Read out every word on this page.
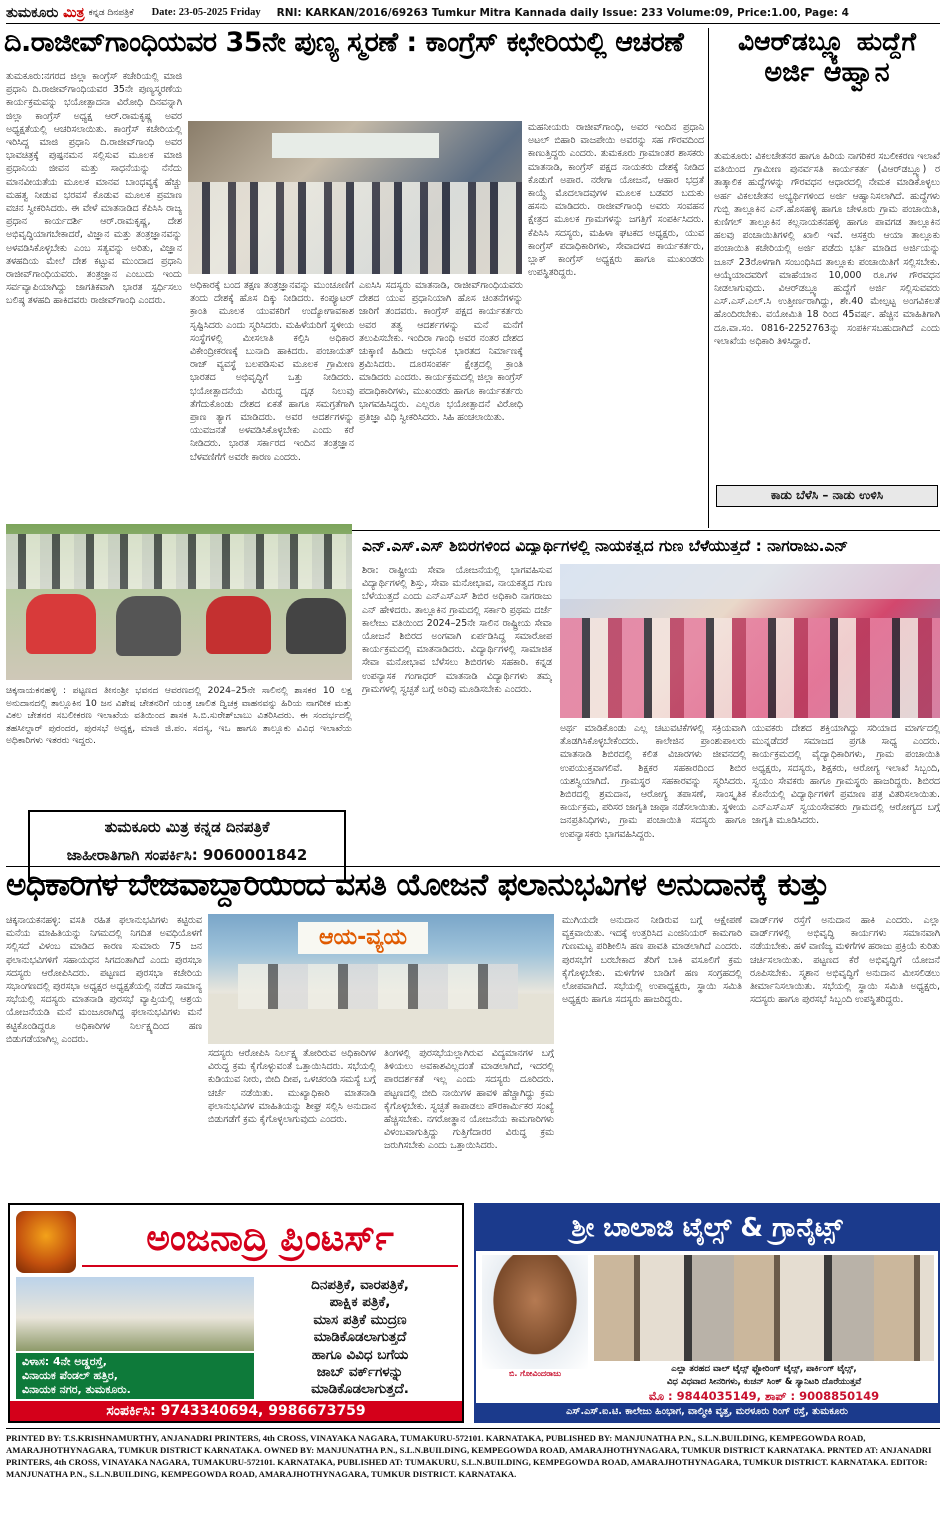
ತುಮಕೂರು ಮಿತ್ರ ಕನ್ನಡ ದಿನಪತ್ರಿಕೆ Date: 23-05-2025 Friday RNI: KARKAN/2016/69263 Tumkur Mitra Kannada daily Issue: 233 Volume:09, Price:1.00, Page: 4
ದಿ.ರಾಜೀವ್‌ಗಾಂಧಿಯವರ 35ನೇ ಪುಣ್ಯ ಸ್ಮರಣೆ : ಕಾಂಗ್ರೆಸ್ ಕಛೇರಿಯಲ್ಲಿ ಆಚರಣೆ	ವಿಆರ್‌ಡಬ್ಲ್ಯೂ ಹುದ್ದೆಗೆ
ಅರ್ಜಿ ಆಹ್ವಾನ
ತುಮಕೂರು:ನಗರದ ಜಿಲ್ಲಾ ಕಾಂಗ್ರೆಸ್ ಕಚೇರಿಯಲ್ಲಿ ಮಾಜಿ ಪ್ರಧಾನಿ ದಿ.ರಾಜೀವ್‌ಗಾಂಧಿಯವರ 35ನೇ ಪುಣ್ಯಸ್ಮರಣೆಯ ಕಾರ್ಯಕ್ರಮವನ್ನು ಭಯೋತ್ಪಾದನಾ ವಿರೋಧಿ ದಿನವನ್ನಾಗಿ ಜಿಲ್ಲಾ ಕಾಂಗ್ರೆಸ್ ಅಧ್ಯಕ್ಷ ಆರ್.ರಾಮಕೃಷ್ಣ ಅವರ ಅಧ್ಯಕ್ಷತೆಯಲ್ಲಿ ಆಚರಿಸಲಾಯಿತು. ಕಾಂಗ್ರೆಸ್ ಕಚೇರಿಯಲ್ಲಿ ಇರಿಸಿದ್ದ ಮಾಜಿ ಪ್ರಧಾನಿ ದಿ.ರಾಜೀವ್‌ಗಾಂಧಿ ಅವರ ಭಾವಚಿತ್ರಕ್ಕೆ ಪುಷ್ಪನಮನ ಸಲ್ಲಿಸುವ ಮೂಲಕ ಮಾಜಿ ಪ್ರಧಾನಿಯ ಜೀವನ ಮತ್ತು ಸಾಧನೆಯನ್ನು ನೆನೆದು ಮಾನವೀಯತೆಯ ಮೂಲಕ ಮಾನವ ಬಾಂಧವ್ಯಕ್ಕೆ ಹೆಚ್ಚು ಮಹತ್ವ ನೀಡುವ ಭರವಸೆ ಕೊಡುವ ಮೂಲಕ ಪ್ರಮಾಣ ವಚನ ಸ್ವೀಕರಿಸಿದರು. ಈ ವೇಳೆ ಮಾತನಾಡಿದ ಕೆಪಿಸಿಸಿ ರಾಜ್ಯ ಪ್ರಧಾನ ಕಾರ್ಯದರ್ಶಿ ಆರ್.ರಾಮಕೃಷ್ಣ, ದೇಶ ಅಭಿವೃದ್ಧಿಯಾಗಬೇಕಾದರೆ, ವಿಜ್ಞಾನ ಮತ್ತು ತಂತ್ರಜ್ಞಾನವನ್ನು ಅಳವಡಿಸಿಕೊಳ್ಳಬೇಕು ಎಂಬ ಸತ್ಯವನ್ನು ಅರಿತು, ವಿಜ್ಞಾನ ತಳಹದಿಯ ಮೇಲೆ ದೇಶ ಕಟ್ಟುವ ಮುಂದಾದ ಪ್ರಧಾನಿ ರಾಜೀವ್‌ಗಾಂಧಿಯವರು. ತಂತ್ರಜ್ಞಾನ ಎಂಬುದು ಇಂದು ಸರ್ವವ್ಯಾಪಿಯಾಗಿದ್ದು ಜಾಗತಿಕವಾಗಿ ಭಾರತ ಸ್ಪರ್ಧಿಸಲು ಬಲಿಷ್ಠ ತಳಹದಿ ಹಾಕಿದವರು ರಾಜೀವ್‌ಗಾಂಧಿ ಎಂದರು.
ಅಧಿಕಾರಕ್ಕೆ ಬಂದ ತಕ್ಷಣ ತಂತ್ರಜ್ಞಾನವನ್ನು ಮುಂಚೂಣಿಗೆ ತಂದು ದೇಶಕ್ಕೆ ಹೊಸ ದಿಕ್ಕು ನೀಡಿದರು. ಕಂಪ್ಯೂಟರ್ ಕ್ರಾಂತಿ ಮೂಲಕ ಯುವಕರಿಗೆ ಉದ್ಯೋಗಾವಕಾಶ ಸೃಷ್ಟಿಸಿದರು ಎಂದು ಸ್ಮರಿಸಿದರು. ಮಹಿಳೆಯರಿಗೆ ಸ್ಥಳೀಯ ಸಂಸ್ಥೆಗಳಲ್ಲಿ ಮೀಸಲಾತಿ ಕಲ್ಪಿಸಿ ಅಧಿಕಾರ ವಿಕೇಂದ್ರೀಕರಣಕ್ಕೆ ಬುನಾದಿ ಹಾಕಿದರು. ಪಂಚಾಯತ್ ರಾಜ್ ವ್ಯವಸ್ಥೆ ಬಲಪಡಿಸುವ ಮೂಲಕ ಗ್ರಾಮೀಣ ಭಾರತದ ಅಭಿವೃದ್ಧಿಗೆ ಒತ್ತು ನೀಡಿದರು. ಭಯೋತ್ಪಾದನೆಯ ವಿರುದ್ಧ ದೃಢ ನಿಲುವು ತೆಗೆದುಕೊಂಡು ದೇಶದ ಏಕತೆ ಹಾಗೂ ಸಮಗ್ರತೆಗಾಗಿ ಪ್ರಾಣ ತ್ಯಾಗ ಮಾಡಿದರು. ಅವರ ಆದರ್ಶಗಳನ್ನು ಯುವಜನತೆ ಅಳವಡಿಸಿಕೊಳ್ಳಬೇಕು ಎಂದು ಕರೆ ನೀಡಿದರು. ಭಾರತ ಸರ್ಕಾರದ ಇಂದಿನ ತಂತ್ರಜ್ಞಾನ ಬೆಳವಣಿಗೆಗೆ ಅವರೇ ಕಾರಣ ಎಂದರು.
ಎಐಸಿಸಿ ಸದಸ್ಯರು ಮಾತನಾಡಿ, ರಾಜೀವ್‌ಗಾಂಧಿಯವರು ದೇಶದ ಯುವ ಪ್ರಧಾನಿಯಾಗಿ ಹೊಸ ಚಿಂತನೆಗಳನ್ನು ಜಾರಿಗೆ ತಂದವರು. ಕಾಂಗ್ರೆಸ್ ಪಕ್ಷದ ಕಾರ್ಯಕರ್ತರು ಅವರ ತತ್ವ ಆದರ್ಶಗಳನ್ನು ಮನೆ ಮನೆಗೆ ತಲುಪಿಸಬೇಕು. ಇಂದಿರಾ ಗಾಂಧಿ ಅವರ ನಂತರ ದೇಶದ ಚುಕ್ಕಾಣಿ ಹಿಡಿದು ಆಧುನಿಕ ಭಾರತದ ನಿರ್ಮಾಣಕ್ಕೆ ಶ್ರಮಿಸಿದರು. ದೂರಸಂಪರ್ಕ ಕ್ಷೇತ್ರದಲ್ಲಿ ಕ್ರಾಂತಿ ಮಾಡಿದರು ಎಂದರು. ಕಾರ್ಯಕ್ರಮದಲ್ಲಿ ಜಿಲ್ಲಾ ಕಾಂಗ್ರೆಸ್ ಪದಾಧಿಕಾರಿಗಳು, ಮುಖಂಡರು ಹಾಗೂ ಕಾರ್ಯಕರ್ತರು ಭಾಗವಹಿಸಿದ್ದರು. ಎಲ್ಲರೂ ಭಯೋತ್ಪಾದನೆ ವಿರೋಧಿ ಪ್ರತಿಜ್ಞಾ ವಿಧಿ ಸ್ವೀಕರಿಸಿದರು. ಸಿಹಿ ಹಂಚಲಾಯಿತು.
ಮಹನೀಯರು ರಾಜೀವ್‌ಗಾಂಧಿ, ಅವರ ಇಂದಿನ ಪ್ರಧಾನಿ ಅಟಲ್ ಬಿಹಾರಿ ವಾಜಪೇಯಿ ಅವರನ್ನು ಸಹ ಗೌರವದಿಂದ ಕಾಣುತ್ತಿದ್ದರು ಎಂದರು. ತುಮಕೂರು ಗ್ರಾಮಾಂತರ ಶಾಸಕರು ಮಾತನಾಡಿ, ಕಾಂಗ್ರೆಸ್ ಪಕ್ಷದ ನಾಯಕರು ದೇಶಕ್ಕೆ ನೀಡಿದ ಕೊಡುಗೆ ಅಪಾರ. ನರೇಗಾ ಯೋಜನೆ, ಆಹಾರ ಭದ್ರತೆ ಕಾಯ್ದೆ ಮೊದಲಾದವುಗಳ ಮೂಲಕ ಬಡವರ ಬದುಕು ಹಸನು ಮಾಡಿದರು. ರಾಜೀವ್‌ಗಾಂಧಿ ಅವರು ಸಂವಹನ ಕ್ಷೇತ್ರದ ಮೂಲಕ ಗ್ರಾಮಗಳನ್ನು ಜಗತ್ತಿಗೆ ಸಂಪರ್ಕಿಸಿದರು. ಕೆಪಿಸಿಸಿ ಸದಸ್ಯರು, ಮಹಿಳಾ ಘಟಕದ ಅಧ್ಯಕ್ಷರು, ಯುವ ಕಾಂಗ್ರೆಸ್ ಪದಾಧಿಕಾರಿಗಳು, ಸೇವಾದಳದ ಕಾರ್ಯಕರ್ತರು, ಬ್ಲಾಕ್ ಕಾಂಗ್ರೆಸ್ ಅಧ್ಯಕ್ಷರು ಹಾಗೂ ಮುಖಂಡರು ಉಪಸ್ಥಿತರಿದ್ದರು.
ತುಮಕೂರು: ವಿಕಲಚೇತನರ ಹಾಗೂ ಹಿರಿಯ ನಾಗರಿಕರ ಸಬಲೀಕರಣ ಇಲಾಖೆ ವತಿಯಿಂದ ಗ್ರಾಮೀಣ ಪುನರ್ವಸತಿ ಕಾರ್ಯಕರ್ತ (ವಿಆರ್‌ಡಬ್ಲ್ಯೂ) ರ ತಾತ್ಕಾಲಿಕ ಹುದ್ದೆಗಳನ್ನು ಗೌರವಧನ ಆಧಾರದಲ್ಲಿ ನೇಮಕ ಮಾಡಿಕೊಳ್ಳಲು ಅರ್ಹ ವಿಕಲಚೇತನ ಅಭ್ಯರ್ಥಿಗಳಿಂದ ಅರ್ಜಿ ಆಹ್ವಾನಿಸಲಾಗಿದೆ. ಹುದ್ದೆಗಳು ಗುಬ್ಬಿ ತಾಲ್ಲೂಕಿನ ಎನ್.ಹೊಸಹಳ್ಳಿ ಹಾಗೂ ಚೇಳೂರು ಗ್ರಾಮ ಪಂಚಾಯಿತಿ, ಕುಣಿಗಲ್ ತಾಲ್ಲೂಕಿನ ಕಲ್ಲನಾಯಕನಹಳ್ಳಿ ಹಾಗೂ ಪಾವಗಡ ತಾಲ್ಲೂಕಿನ ಹಲವು ಪಂಚಾಯಿತಿಗಳಲ್ಲಿ ಖಾಲಿ ಇವೆ. ಆಸಕ್ತರು ಆಯಾ ತಾಲ್ಲೂಕು ಪಂಚಾಯಿತಿ ಕಚೇರಿಯಲ್ಲಿ ಅರ್ಜಿ ಪಡೆದು ಭರ್ತಿ ಮಾಡಿದ ಅರ್ಜಿಯನ್ನು ಜೂನ್ 23ರೊಳಗಾಗಿ ಸಂಬಂಧಿಸಿದ ತಾಲ್ಲೂಕು ಪಂಚಾಯಿತಿಗೆ ಸಲ್ಲಿಸಬೇಕು. ಆಯ್ಕೆಯಾದವರಿಗೆ ಮಾಹೆಯಾನ 10,000 ರೂ.ಗಳ ಗೌರವಧನ ನೀಡಲಾಗುವುದು. ವಿಆರ್‌ಡಬ್ಲ್ಯೂ ಹುದ್ದೆಗೆ ಅರ್ಜಿ ಸಲ್ಲಿಸುವವರು ಎಸ್.ಎಸ್.ಎಲ್.ಸಿ ಉತ್ತೀರ್ಣರಾಗಿದ್ದು, ಶೇ.40 ಮೇಲ್ಪಟ್ಟ ಅಂಗವಿಕಲತೆ ಹೊಂದಿರಬೇಕು. ವಯೋಮಿತಿ 18 ರಿಂದ 45ವರ್ಷ. ಹೆಚ್ಚಿನ ಮಾಹಿತಿಗಾಗಿ ದೂ.ವಾ.ಸಂ. 0816-2252763ನ್ನು ಸಂಪರ್ಕಿಸಬಹುದಾಗಿದೆ ಎಂದು ಇಲಾಖೆಯ ಅಧಿಕಾರಿ ತಿಳಿಸಿದ್ದಾರೆ.
ಕಾಡು ಬೆಳೆಸಿ – ನಾಡು ಉಳಿಸಿ
ಚಿಕ್ಕನಾಯಕನಹಳ್ಳಿ : ಪಟ್ಟಣದ ತೀನಂಶ್ರೀ ಭವನದ ಆವರಣದಲ್ಲಿ 2024–25ನೇ ಸಾಲಿನಲ್ಲಿ ಶಾಸಕರ 10 ಲಕ್ಷ ಅನುದಾನದಲ್ಲಿ ತಾಲ್ಲೂಕಿನ 10 ಜನ ವಿಶೇಷ ಚೇತನರಿಗೆ ಯಂತ್ರ ಚಾಲಿತ ದ್ವಿಚಕ್ರ ವಾಹನವನ್ನು ಹಿರಿಯ ನಾಗರೀಕ ಮತ್ತು ವಿಕಲ ಚೇತನರ ಸಬಲೀಕರಣ ಇಲಾಖೆಯ ವತಿಯಿಂದ ಶಾಸಕ ಸಿ.ಬಿ.ಸುರೇಶ್‌ಬಾಬು ವಿತರಿಸಿದರು. ಈ ಸಂದರ್ಭದಲ್ಲಿ ತಹಸೀಲ್ದಾರ್ ಪುರಂದರ, ಪುರಸಭೆ ಅಧ್ಯಕ್ಷ, ಮಾಜಿ ಜಿ.ಪಂ. ಸದಸ್ಯ, ಇಒ ಹಾಗೂ ತಾಲ್ಲೂಕು ವಿವಿಧ ಇಲಾಖೆಯ ಅಧಿಕಾರಿಗಳು ಇತರರು ಇದ್ದರು.
ತುಮಕೂರು ಮಿತ್ರ ಕನ್ನಡ ದಿನಪತ್ರಿಕೆ
ಜಾಹೀರಾತಿಗಾಗಿ ಸಂಪರ್ಕಿಸಿ: 9060001842
ಎನ್.ಎಸ್.ಎಸ್ ಶಿಬಿರಗಳಿಂದ ವಿದ್ಯಾರ್ಥಿಗಳಲ್ಲಿ ನಾಯಕತ್ವದ ಗುಣ ಬೆಳೆಯುತ್ತದೆ : ನಾಗರಾಜು.ಎನ್
ಶಿರಾ: ರಾಷ್ಟ್ರೀಯ ಸೇವಾ ಯೋಜನೆಯಲ್ಲಿ ಭಾಗವಹಿಸುವ ವಿದ್ಯಾರ್ಥಿಗಳಲ್ಲಿ ಶಿಸ್ತು, ಸೇವಾ ಮನೋಭಾವ, ನಾಯಕತ್ವದ ಗುಣ ಬೆಳೆಯುತ್ತದೆ ಎಂದು ಎನ್‌ಎಸ್‌ಎಸ್ ಶಿಬಿರ ಅಧಿಕಾರಿ ನಾಗರಾಜು ಎನ್ ಹೇಳಿದರು. ತಾಲ್ಲೂಕಿನ ಗ್ರಾಮದಲ್ಲಿ ಸರ್ಕಾರಿ ಪ್ರಥಮ ದರ್ಜೆ ಕಾಲೇಜು ವತಿಯಿಂದ 2024–25ನೇ ಸಾಲಿನ ರಾಷ್ಟ್ರೀಯ ಸೇವಾ ಯೋಜನೆ ಶಿಬಿರದ ಅಂಗವಾಗಿ ಏರ್ಪಡಿಸಿದ್ದ ಸಮಾರೋಪ ಕಾರ್ಯಕ್ರಮದಲ್ಲಿ ಮಾತನಾಡಿದರು. ವಿದ್ಯಾರ್ಥಿಗಳಲ್ಲಿ ಸಾಮಾಜಿಕ ಸೇವಾ ಮನೋಭಾವ ಬೆಳೆಸಲು ಶಿಬಿರಗಳು ಸಹಕಾರಿ. ಕನ್ನಡ ಉಪನ್ಯಾಸಕ ಗಂಗಾಧರ್ ಮಾತನಾಡಿ ವಿದ್ಯಾರ್ಥಿಗಳು ತಮ್ಮ ಗ್ರಾಮಗಳಲ್ಲಿ ಸ್ವಚ್ಛತೆ ಬಗ್ಗೆ ಅರಿವು ಮೂಡಿಸಬೇಕು ಎಂದರು.
ಅರ್ಥ ಮಾಡಿಕೊಂಡು ಎಲ್ಲ ಚಟುವಟಿಕೆಗಳಲ್ಲಿ ಸಕ್ರಿಯವಾಗಿ ತೊಡಗಿಸಿಕೊಳ್ಳಬೇಕೆಂದರು. ಕಾಲೇಜಿನ ಪ್ರಾಂಶುಪಾಲರು ಮಾತನಾಡಿ ಶಿಬಿರದಲ್ಲಿ ಕಲಿತ ವಿಚಾರಗಳು ಜೀವನದಲ್ಲಿ ಉಪಯುಕ್ತವಾಗಲಿವೆ. ಶಿಕ್ಷಕರ ಸಹಕಾರದಿಂದ ಶಿಬಿರ ಯಶಸ್ವಿಯಾಗಿದೆ. ಗ್ರಾಮಸ್ಥರ ಸಹಕಾರವನ್ನು ಸ್ಮರಿಸಿದರು. ಶಿಬಿರದಲ್ಲಿ ಶ್ರಮದಾನ, ಆರೋಗ್ಯ ತಪಾಸಣೆ, ಸಾಂಸ್ಕೃತಿಕ ಕಾರ್ಯಕ್ರಮ, ಪರಿಸರ ಜಾಗೃತಿ ಜಾಥಾ ನಡೆಸಲಾಯಿತು. ಸ್ಥಳೀಯ ಜನಪ್ರತಿನಿಧಿಗಳು, ಗ್ರಾಮ ಪಂಚಾಯಿತಿ ಸದಸ್ಯರು ಹಾಗೂ ಉಪನ್ಯಾಸಕರು ಭಾಗವಹಿಸಿದ್ದರು.
ಯುವಕರು ದೇಶದ ಶಕ್ತಿಯಾಗಿದ್ದು ಸರಿಯಾದ ಮಾರ್ಗದಲ್ಲಿ ಮುನ್ನಡೆದರೆ ಸಮಾಜದ ಪ್ರಗತಿ ಸಾಧ್ಯ ಎಂದರು. ಕಾರ್ಯಕ್ರಮದಲ್ಲಿ ವೈದ್ಯಾಧಿಕಾರಿಗಳು, ಗ್ರಾಮ ಪಂಚಾಯಿತಿ ಅಧ್ಯಕ್ಷರು, ಸದಸ್ಯರು, ಶಿಕ್ಷಕರು, ಆರೋಗ್ಯ ಇಲಾಖೆ ಸಿಬ್ಬಂದಿ, ಸ್ವಯಂ ಸೇವಕರು ಹಾಗೂ ಗ್ರಾಮಸ್ಥರು ಹಾಜರಿದ್ದರು. ಶಿಬಿರದ ಕೊನೆಯಲ್ಲಿ ವಿದ್ಯಾರ್ಥಿಗಳಿಗೆ ಪ್ರಮಾಣ ಪತ್ರ ವಿತರಿಸಲಾಯಿತು. ಎನ್‌ಎಸ್‌ಎಸ್ ಸ್ವಯಂಸೇವಕರು ಗ್ರಾಮದಲ್ಲಿ ಆರೋಗ್ಯದ ಬಗ್ಗೆ ಜಾಗೃತಿ ಮೂಡಿಸಿದರು.
ಅಧಿಕಾರಿಗಳ ಬೇಜವಾಬ್ದಾರಿಯಿಂದ ವಸತಿ ಯೋಜನೆ ಫಲಾನುಭವಿಗಳ ಅನುದಾನಕ್ಕೆ ಕುತ್ತು
ಚಿಕ್ಕನಾಯಕನಹಳ್ಳಿ: ವಸತಿ ರಹಿತ ಫಲಾನುಭವಿಗಳು ಕಟ್ಟಿರುವ ಮನೆಯ ಮಾಹಿತಿಯನ್ನು ನಿಗಮದಲ್ಲಿ ನಿಗದಿತ ಅವಧಿಯೊಳಗೆ ಸಲ್ಲಿಸದೆ ವಿಳಂಬ ಮಾಡಿದ ಕಾರಣ ಸುಮಾರು 75 ಜನ ಫಲಾನುಭವಿಗಳಿಗೆ ಸಹಾಯಧನ ಸಿಗದಂತಾಗಿದೆ ಎಂದು ಪುರಸಭಾ ಸದಸ್ಯರು ಆರೋಪಿಸಿದರು. ಪಟ್ಟಣದ ಪುರಸಭಾ ಕಚೇರಿಯ ಸಭಾಂಗಣದಲ್ಲಿ ಪುರಸಭಾ ಅಧ್ಯಕ್ಷರ ಅಧ್ಯಕ್ಷತೆಯಲ್ಲಿ ನಡೆದ ಸಾಮಾನ್ಯ ಸಭೆಯಲ್ಲಿ ಸದಸ್ಯರು ಮಾತನಾಡಿ ಪುರಸಭೆ ವ್ಯಾಪ್ತಿಯಲ್ಲಿ ಆಶ್ರಯ ಯೋಜನೆಯಡಿ ಮನೆ ಮಂಜೂರಾಗಿದ್ದ ಫಲಾನುಭವಿಗಳು ಮನೆ ಕಟ್ಟಿಕೊಂಡಿದ್ದರೂ ಅಧಿಕಾರಿಗಳ ನಿರ್ಲಕ್ಷ್ಯದಿಂದ ಹಣ ಬಿಡುಗಡೆಯಾಗಿಲ್ಲ ಎಂದರು.
ಆಯ-ವ್ಯಯ
ಸದಸ್ಯರು ಆರೋಪಿಸಿ ನಿರ್ಲಕ್ಷ್ಯ ತೋರಿರುವ ಅಧಿಕಾರಿಗಳ ವಿರುದ್ಧ ಕ್ರಮ ಕೈಗೊಳ್ಳುವಂತೆ ಒತ್ತಾಯಿಸಿದರು. ಸಭೆಯಲ್ಲಿ ಕುಡಿಯುವ ನೀರು, ಬೀದಿ ದೀಪ, ಒಳಚರಂಡಿ ಸಮಸ್ಯೆ ಬಗ್ಗೆ ಚರ್ಚೆ ನಡೆಯಿತು. ಮುಖ್ಯಾಧಿಕಾರಿ ಮಾತನಾಡಿ ಫಲಾನುಭವಿಗಳ ಮಾಹಿತಿಯನ್ನು ಶೀಘ್ರ ಸಲ್ಲಿಸಿ ಅನುದಾನ ಬಿಡುಗಡೆಗೆ ಕ್ರಮ ಕೈಗೊಳ್ಳಲಾಗುವುದು ಎಂದರು.
ತಿಂಗಳಲ್ಲಿ ಪುರಸಭೆಯಲ್ಲಾಗಿರುವ ವಿದ್ಯಮಾನಗಳ ಬಗ್ಗೆ ತಿಳಿಯಲು ಅವಕಾಶವಿಲ್ಲದಂತೆ ಮಾಡಲಾಗಿದೆ, ಇದರಲ್ಲಿ ಪಾರದರ್ಶಕತೆ ಇಲ್ಲ ಎಂದು ಸದಸ್ಯರು ದೂರಿದರು. ಪಟ್ಟಣದಲ್ಲಿ ಬೀದಿ ನಾಯಿಗಳ ಹಾವಳಿ ಹೆಚ್ಚಾಗಿದ್ದು ಕ್ರಮ ಕೈಗೊಳ್ಳಬೇಕು. ಸ್ವಚ್ಛತೆ ಕಾಪಾಡಲು ಪೌರಕಾರ್ಮಿಕರ ಸಂಖ್ಯೆ ಹೆಚ್ಚಿಸಬೇಕು. ನಗರೋತ್ಥಾನ ಯೋಜನೆಯ ಕಾಮಗಾರಿಗಳು ವಿಳಂಬವಾಗುತ್ತಿದ್ದು ಗುತ್ತಿಗೆದಾರರ ವಿರುದ್ಧ ಕ್ರಮ ಜರುಗಿಸಬೇಕು ಎಂದು ಒತ್ತಾಯಿಸಿದರು.
ಮುಗಿಯದೇ ಅನುದಾನ ನೀಡಿರುವ ಬಗ್ಗೆ ಆಕ್ಷೇಪಣೆ ವ್ಯಕ್ತವಾಯಿತು. ಇದಕ್ಕೆ ಉತ್ತರಿಸಿದ ಎಂಜಿನಿಯರ್ ಕಾಮಗಾರಿ ಗುಣಮಟ್ಟ ಪರಿಶೀಲಿಸಿ ಹಣ ಪಾವತಿ ಮಾಡಲಾಗಿದೆ ಎಂದರು. ಪುರಸಭೆಗೆ ಬರಬೇಕಾದ ತೆರಿಗೆ ಬಾಕಿ ವಸೂಲಿಗೆ ಕ್ರಮ ಕೈಗೊಳ್ಳಬೇಕು. ಮಳಿಗೆಗಳ ಬಾಡಿಗೆ ಹಣ ಸಂಗ್ರಹದಲ್ಲಿ ಲೋಪವಾಗಿದೆ. ಸಭೆಯಲ್ಲಿ ಉಪಾಧ್ಯಕ್ಷರು, ಸ್ಥಾಯಿ ಸಮಿತಿ ಅಧ್ಯಕ್ಷರು ಹಾಗೂ ಸದಸ್ಯರು ಹಾಜರಿದ್ದರು.
ವಾರ್ಡ್‌ಗಳ ರಸ್ತೆಗೆ ಅನುದಾನ ಹಾಕಿ ಎಂದರು. ಎಲ್ಲಾ ವಾರ್ಡ್‌ಗಳಲ್ಲಿ ಅಭಿವೃದ್ಧಿ ಕಾರ್ಯಗಳು ಸಮಾನವಾಗಿ ನಡೆಯಬೇಕು. ಹಳೆ ವಾಣಿಜ್ಯ ಮಳಿಗೆಗಳ ಹರಾಜು ಪ್ರಕ್ರಿಯೆ ಕುರಿತು ಚರ್ಚಿಸಲಾಯಿತು. ಪಟ್ಟಣದ ಕೆರೆ ಅಭಿವೃದ್ಧಿಗೆ ಯೋಜನೆ ರೂಪಿಸಬೇಕು. ಸ್ಮಶಾನ ಅಭಿವೃದ್ಧಿಗೆ ಅನುದಾನ ಮೀಸಲಿಡಲು ತೀರ್ಮಾನಿಸಲಾಯಿತು. ಸಭೆಯಲ್ಲಿ ಸ್ಥಾಯಿ ಸಮಿತಿ ಅಧ್ಯಕ್ಷರು, ಸದಸ್ಯರು ಹಾಗೂ ಪುರಸಭೆ ಸಿಬ್ಬಂದಿ ಉಪಸ್ಥಿತರಿದ್ದರು.
ಅಂಜನಾದ್ರಿ ಪ್ರಿಂಟರ್ಸ್
ವಿಳಾಸ: 4ನೇ ಅಡ್ಡರಸ್ತೆ,
ವಿನಾಯಕ ಪೆಂಡಲ್ ಹತ್ತಿರ,
ವಿನಾಯಕ ನಗರ, ತುಮಕೂರು.
ದಿನಪತ್ರಿಕೆ, ವಾರಪತ್ರಿಕೆ,
ಪಾಕ್ಷಿಕ ಪತ್ರಿಕೆ,
ಮಾಸ ಪತ್ರಿಕೆ ಮುದ್ರಣ
ಮಾಡಿಕೊಡಲಾಗುತ್ತದೆ
ಹಾಗೂ ವಿವಿಧ ಬಗೆಯ
ಜಾಬ್ ವರ್ಕ್‌ಗಳನ್ನು
ಮಾಡಿಕೊಡಲಾಗುತ್ತದೆ.
ಸಂಪರ್ಕಿಸಿ: 9743340694, 9986673759
ಶ್ರೀ ಬಾಲಾಜಿ ಟೈಲ್ಸ್ & ಗ್ರಾನೈಟ್ಸ್
ಬಿ. ಗೋವಿಂದರಾಜು	ಎಲ್ಲಾ ತರಹದ ವಾಲ್ ಟೈಲ್ಸ್ ಫ್ಲೋರಿಂಗ್ ಟೈಲ್ಸ್, ಪಾರ್ಕಿಂಗ್ ಟೈಲ್ಸ್,
ವಿಧ ವಿಧವಾದ ಸೀನರಿಗಳು, ಕುಚನ್ ಸಿಂಕ್ & ಸ್ಯಾನಿಟರಿ ದೊರೆಯುತ್ತವೆ
ಮೊ : 9844035149, ಶಾಪ್ : 9008850149
ಎಸ್.ಎಸ್.ಐ.ಟಿ. ಕಾಲೇಜು ಹಿಂಭಾಗ, ವಾಲ್ಮೀಕಿ ವೃತ್ತ, ಮರಳೂರು ರಿಂಗ್ ರಸ್ತೆ, ತುಮಕೂರು
PRINTED BY: T.S.KRISHNAMURTHY, ANJANADRI PRINTERS, 4th CROSS, VINAYAKA NAGARA, TUMAKURU-572101. KARNATAKA, PUBLISHED BY: MANJUNATHA P.N., S.L.N.BUILDING, KEMPEGOWDA ROAD, AMARAJHOTHYNAGARA, TUMKUR DISTRICT KARNATAKA. OWNED BY: MANJUNATHA P.N., S.L.N.BUILDING, KEMPEGOWDA ROAD, AMARAJHOTHYNAGARA, TUMKUR DISTRICT KARNATAKA. PRNTED AT: ANJANADRI PRINTERS, 4th CROSS, VINAYAKA NAGARA, TUMAKURU-572101. KARNATAKA, PUBLISHED AT: TUMAKURU, S.L.N.BUILDING, KEMPEGOWDA ROAD, AMARAJHOTHYNAGARA, TUMKUR DISTRICT. KARNATAKA. EDITOR: MANJUNATHA P.N., S.L.N.BUILDING, KEMPEGOWDA ROAD, AMARAJHOTHYNAGARA, TUMKUR DISTRICT. KARNATAKA.
